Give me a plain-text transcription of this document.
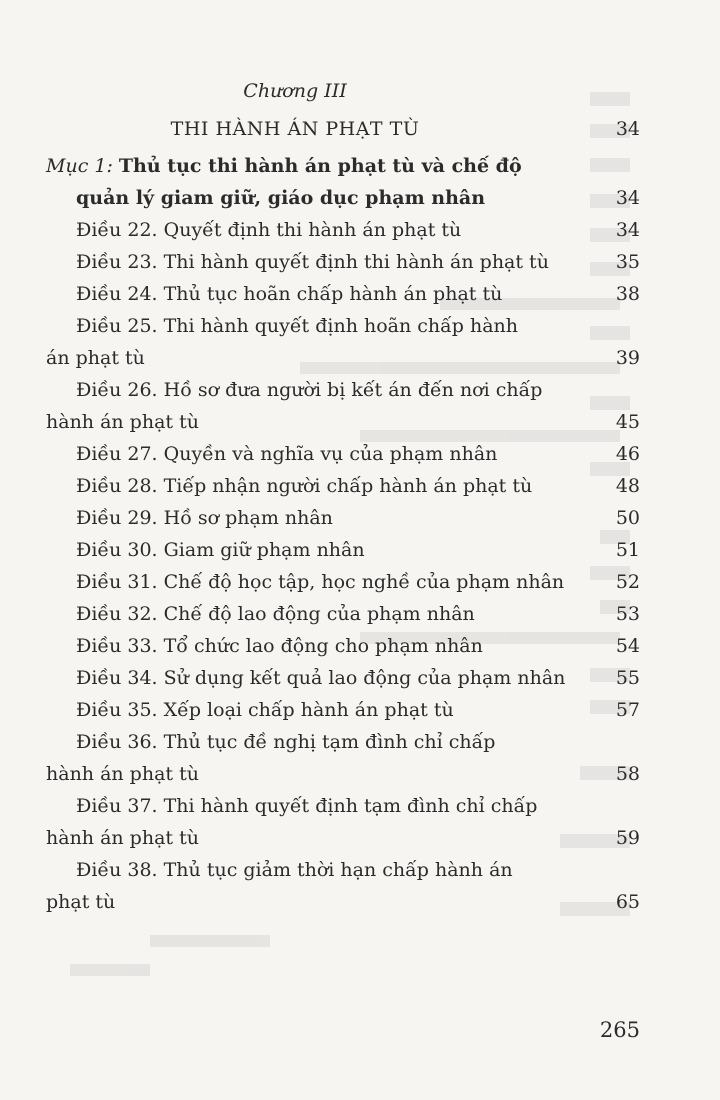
Chương III
THI HÀNH ÁN PHẠT TÙ	34
Mục 1: Thủ tục thi hành án phạt tù và chế độ
quản lý giam giữ, giáo dục phạm nhân	34
Điều 22. Quyết định thi hành án phạt tù	34
Điều 23. Thi hành quyết định thi hành án phạt tù	35
Điều 24. Thủ tục hoãn chấp hành án phạt tù	38
Điều 25. Thi hành quyết định hoãn chấp hành
án phạt tù	39
Điều 26. Hồ sơ đưa người bị kết án đến nơi chấp
hành án phạt tù	45
Điều 27. Quyền và nghĩa vụ của phạm nhân	46
Điều 28. Tiếp nhận người chấp hành án phạt tù	48
Điều 29. Hồ sơ phạm nhân	50
Điều 30. Giam giữ phạm nhân	51
Điều 31. Chế độ học tập, học nghề của phạm nhân	52
Điều 32. Chế độ lao động của phạm nhân	53
Điều 33. Tổ chức lao động cho phạm nhân	54
Điều 34. Sử dụng kết quả lao động của phạm nhân	55
Điều 35. Xếp loại chấp hành án phạt tù	57
Điều 36. Thủ tục đề nghị tạm đình chỉ chấp
hành án phạt tù	58
Điều 37. Thi hành quyết định tạm đình chỉ chấp
hành án phạt tù	59
Điều 38. Thủ tục giảm thời hạn chấp hành án
phạt tù	65
265
